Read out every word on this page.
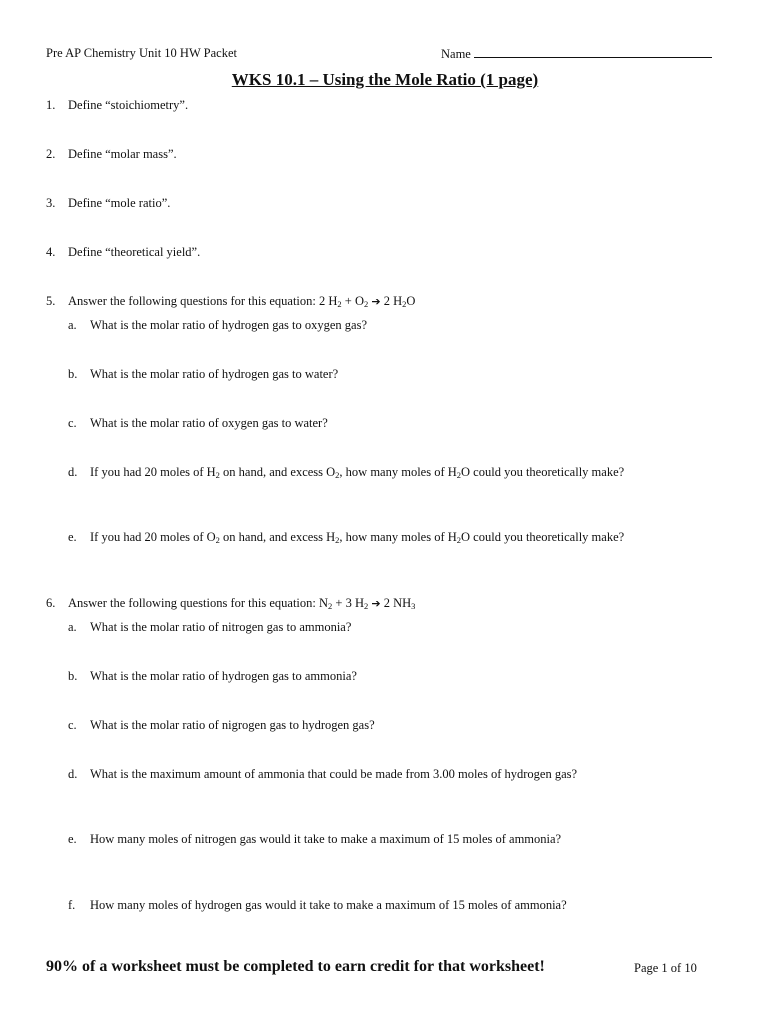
Pre AP Chemistry Unit 10 HW Packet	Name
WKS 10.1 – Using the Mole Ratio (1 page)
1. Define “stoichiometry”.
2. Define “molar mass”.
3. Define “mole ratio”.
4. Define “theoretical yield”.
5. Answer the following questions for this equation: 2 $H_2 + O_2$ ➔ 2 $H_2O$
a. What is the molar ratio of hydrogen gas to oxygen gas?
b. What is the molar ratio of hydrogen gas to water?
c. What is the molar ratio of oxygen gas to water?
d. If you had 20 moles of $H_2$ on hand, and excess $O_2$, how many moles of $H_2O$ could you theoretically make?
e. If you had 20 moles of $O_2$ on hand, and excess $H_2$, how many moles of $H_2O$ could you theoretically make?
6. Answer the following questions for this equation: $N_2 + 3$ $H_2$ ➔ 2 $NH_3$
a. What is the molar ratio of nitrogen gas to ammonia?
b. What is the molar ratio of hydrogen gas to ammonia?
c. What is the molar ratio of nigrogen gas to hydrogen gas?
d. What is the maximum amount of ammonia that could be made from 3.00 moles of hydrogen gas?
e. How many moles of nitrogen gas would it take to make a maximum of 15 moles of ammonia?
f. How many moles of hydrogen gas would it take to make a maximum of 15 moles of ammonia?
90% of a worksheet must be completed to earn credit for that worksheet!	Page 1 of 10
